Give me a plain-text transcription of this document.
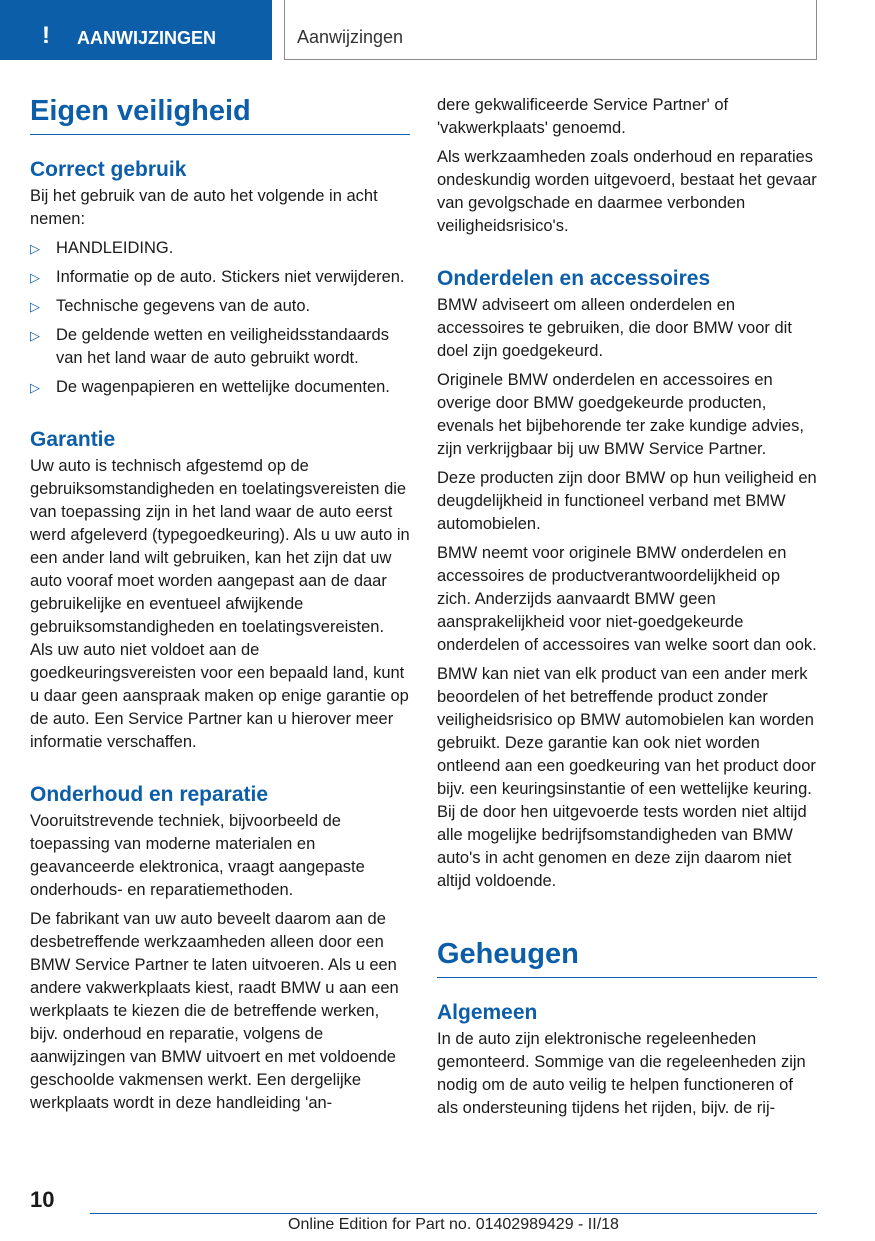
! AANWIJZINGEN	Aanwijzingen
Eigen veiligheid
Correct gebruik

Bij het gebruik van de auto het volgende in acht nemen:

▷ HANDLEIDING.
▷ Informatie op de auto. Stickers niet verwijderen.
▷ Technische gegevens van de auto.
▷ De geldende wetten en veiligheidsstandaards van het land waar de auto gebruikt wordt.
▷ De wagenpapieren en wettelijke documenten.
Garantie

Uw auto is technisch afgestemd op de gebruiksomstandigheden en toelatingsvereisten die van toepassing zijn in het land waar de auto eerst werd afgeleverd (typegoedkeuring). Als u uw auto in een ander land wilt gebruiken, kan het zijn dat uw auto vooraf moet worden aangepast aan de daar gebruikelijke en eventueel afwijkende gebruiksomstandigheden en toelatingsvereisten. Als uw auto niet voldoet aan de goedkeuringsvereisten voor een bepaald land, kunt u daar geen aanspraak maken op enige garantie op de auto. Een Service Partner kan u hierover meer informatie verschaffen.

Onderhoud en reparatie

Vooruitstrevende techniek, bijvoorbeeld de toepassing van moderne materialen en geavanceerde elektronica, vraagt aangepaste onderhouds- en reparatiemethoden.

De fabrikant van uw auto beveelt daarom aan de desbetreffende werkzaamheden alleen door een BMW Service Partner te laten uitvoeren. Als u een andere vakwerkplaats kiest, raadt BMW u aan een werkplaats te kiezen die de betreffende werken, bijv. onderhoud en reparatie, volgens de aanwijzingen van BMW uitvoert en met voldoende geschoolde vakmensen werkt. Een dergelijke werkplaats wordt in deze handleiding 'an-

dere gekwalificeerde Service Partner' of 'vakwerkplaats' genoemd.

Als werkzaamheden zoals onderhoud en reparaties ondeskundig worden uitgevoerd, bestaat het gevaar van gevolgschade en daarmee verbonden veiligheidsrisico's.

Onderdelen en accessoires

BMW adviseert om alleen onderdelen en accessoires te gebruiken, die door BMW voor dit doel zijn goedgekeurd.

Originele BMW onderdelen en accessoires en overige door BMW goedgekeurde producten, evenals het bijbehorende ter zake kundige advies, zijn verkrijgbaar bij uw BMW Service Partner.

Deze producten zijn door BMW op hun veiligheid en deugdelijkheid in functioneel verband met BMW automobielen.

BMW neemt voor originele BMW onderdelen en accessoires de productverantwoordelijkheid op zich. Anderzijds aanvaardt BMW geen aansprakelijkheid voor niet-goedgekeurde onderdelen of accessoires van welke soort dan ook.

BMW kan niet van elk product van een ander merk beoordelen of het betreffende product zonder veiligheidsrisico op BMW automobielen kan worden gebruikt. Deze garantie kan ook niet worden ontleend aan een goedkeuring van het product door bijv. een keuringsinstantie of een wettelijke keuring. Bij de door hen uitgevoerde tests worden niet altijd alle mogelijke bedrijfsomstandigheden van BMW auto's in acht genomen en deze zijn daarom niet altijd voldoende.

Geheugen
Algemeen

In de auto zijn elektronische regeleenheden gemonteerd. Sommige van die regeleenheden zijn nodig om de auto veilig te helpen functioneren of als ondersteuning tijdens het rijden, bijv. de rij-

10
Online Edition for Part no. 01402989429 - II/18
